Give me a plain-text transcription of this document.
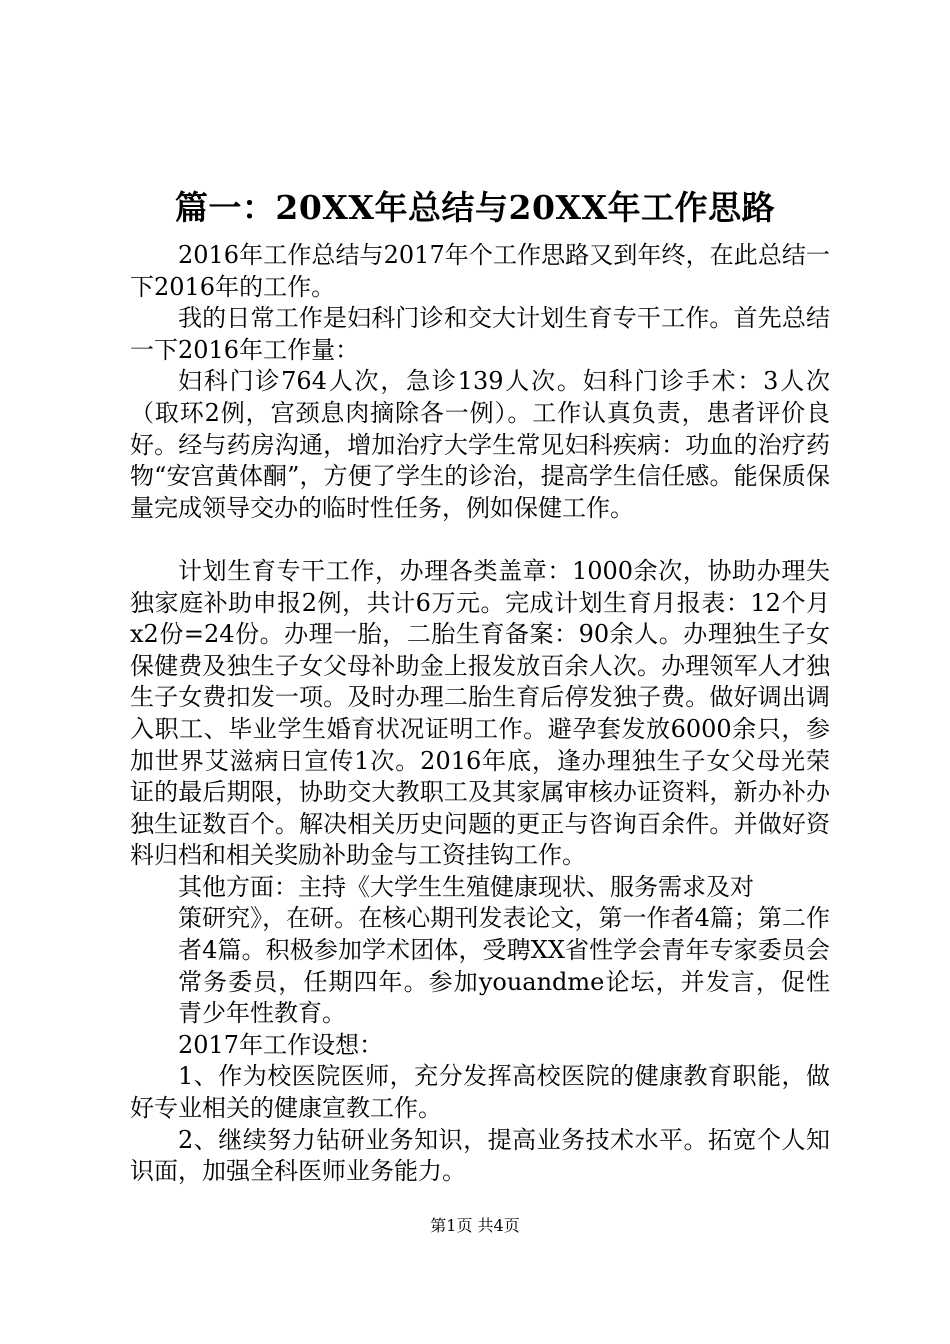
篇一：20XX年总结与20XX年工作思路

2016年工作总结与2017年个工作思路又到年终，在此总结一下2016年的工作。

我的日常工作是妇科门诊和交大计划生育专干工作。首先总结一下2016年工作量：

妇科门诊764人次，急诊139人次。妇科门诊手术：3人次（取环2例，宫颈息肉摘除各一例）。工作认真负责，患者评价良好。经与药房沟通，增加治疗大学生常见妇科疾病：功血的治疗药物“安宫黄体酮”，方便了学生的诊治，提高学生信任感。能保质保量完成领导交办的临时性任务，例如保健工作。

计划生育专干工作，办理各类盖章：1000余次，协助办理失独家庭补助申报2例，共计6万元。完成计划生育月报表：12个月x2份=24份。办理一胎，二胎生育备案：90余人。办理独生子女保健费及独生子女父母补助金上报发放百余人次。办理领军人才独生子女费扣发一项。及时办理二胎生育后停发独子费。做好调出调入职工、毕业学生婚育状况证明工作。避孕套发放6000余只，参加世界艾滋病日宣传1次。2016年底，逢办理独生子女父母光荣证的最后期限，协助交大教职工及其家属审核办证资料，新办补办独生证数百个。解决相关历史问题的更正与咨询百余件。并做好资料归档和相关奖励补助金与工资挂钩工作。

其他方面：主持《大学生生殖健康现状、服务需求及对

策研究》，在研。在核心期刊发表论文，第一作者4篇；第二作者4篇。积极参加学术团体，受聘XX省性学会青年专家委员会常务委员，任期四年。参加youandme论坛，并发言，促性青少年性教育。

2017年工作设想：

1、作为校医院医师，充分发挥高校医院的健康教育职能，做好专业相关的健康宣教工作。

2、继续努力钻研业务知识，提高业务技术水平。拓宽个人知识面，加强全科医师业务能力。

第1页 共4页
